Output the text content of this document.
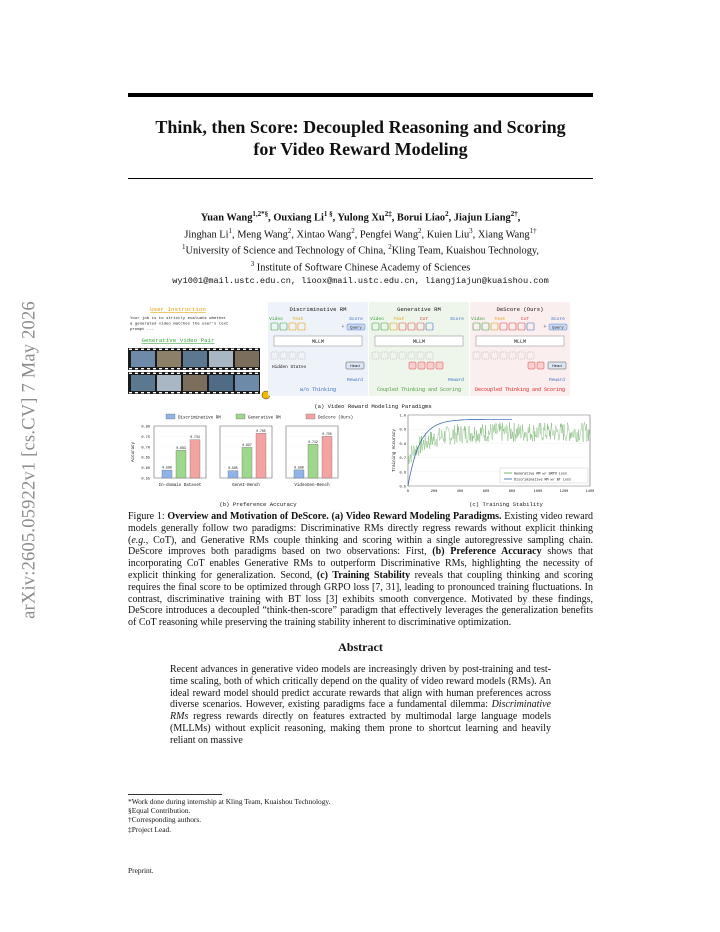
arXiv:2605.05922v1 [cs.CV] 7 May 2026
Think, then Score: Decoupled Reasoning and Scoring
for Video Reward Modeling
Yuan Wang$^{1,2*\S}$, Ouxiang $Li^{1 \S}$, Yulong $Xu^{2\ddagger}$, Borui Liao$^2$, Jiajun Liang$^{2\dagger}$,
Jinghan Li$^1$, Meng Wang$^2$, Xintao Wang$^2$, Pengfei Wang$^2$, Kuien Liu$^3$, Xiang Wang$^{1\dagger}$
$^1$University of Science and Technology of China, $^2$Kling Team, Kuaishou Technology,
$^3$ Institute of Software Chinese Academy of Sciences
wy1001@mail.ustc.edu.cn, lioox@mail.ustc.edu.cn, liangjiajun@kuaishou.com
User Instruction
Your job is to strictly evaluate whether
a generated video matches the user's text
prompt ...
Generative Video Pair
Discriminative RM
Video Text	Score
+ Query
MLLM
Hidden States	Head
Reward
w/o Thinking
Generative RM
Video Text	CoT	Score
MLLM
Reward
Coupled Thinking and Scoring
DeScore (Ours)
Video Text	CoT	Score
+ Query
MLLM
Head
Reward
Decoupled Thinking and Scoring
(a) Video Reward Modeling Paradigms
Discriminative RM	Generative RM	DeScore (Ours)
Accuracy
0.80
0.75
0.70
0.65
0.60
0.55
0.588
0.683
0.734
In-domain Dataset
0.585
0.697
0.765
GenAI-Bench
0.589
0.712
0.750
VideoGen-Bench
(b) Preference Accuracy
1.0
0.9
0.8
0.7
0.6
0.5
0	200	400	600	800	1000	1200	1400
Training Accuracy
Generative RM w/ GRPO Loss
Discriminative RM w/ BT Loss
(c) Training Stability
Figure 1: Overview and Motivation of DeScore. (a) Video Reward Modeling Paradigms. Existing video reward models generally follow two paradigms: Discriminative RMs directly regress rewards without explicit thinking (e.g., CoT), and Generative RMs couple thinking and scoring within a single autoregressive sampling chain. DeScore improves both paradigms based on two observations: First, (b) Preference Accuracy shows that incorporating CoT enables Generative RMs to outperform Discriminative RMs, highlighting the necessity of explicit thinking for generalization. Second, (c) Training Stability reveals that coupling thinking and scoring requires the final score to be optimized through GRPO loss [7, 31], leading to pronounced training fluctuations. In contrast, discriminative training with BT loss [3] exhibits smooth convergence. Motivated by these findings, DeScore introduces a decoupled “think-then-score” paradigm that effectively leverages the generalization benefits of CoT reasoning while preserving the training stability inherent to discriminative optimization.
Abstract
Recent advances in generative video models are increasingly driven by post-training and test-time scaling, both of which critically depend on the quality of video reward models (RMs). An ideal reward model should predict accurate rewards that align with human preferences across diverse scenarios. However, existing paradigms face a fundamental dilemma: Discriminative RMs regress rewards directly on features extracted by multimodal large language models (MLLMs) without explicit reasoning, making them prone to shortcut learning and heavily reliant on massive
*Work done during internship at Kling Team, Kuaishou Technology.
§Equal Contribution.
†Corresponding authors.
‡Project Lead.
Preprint.
